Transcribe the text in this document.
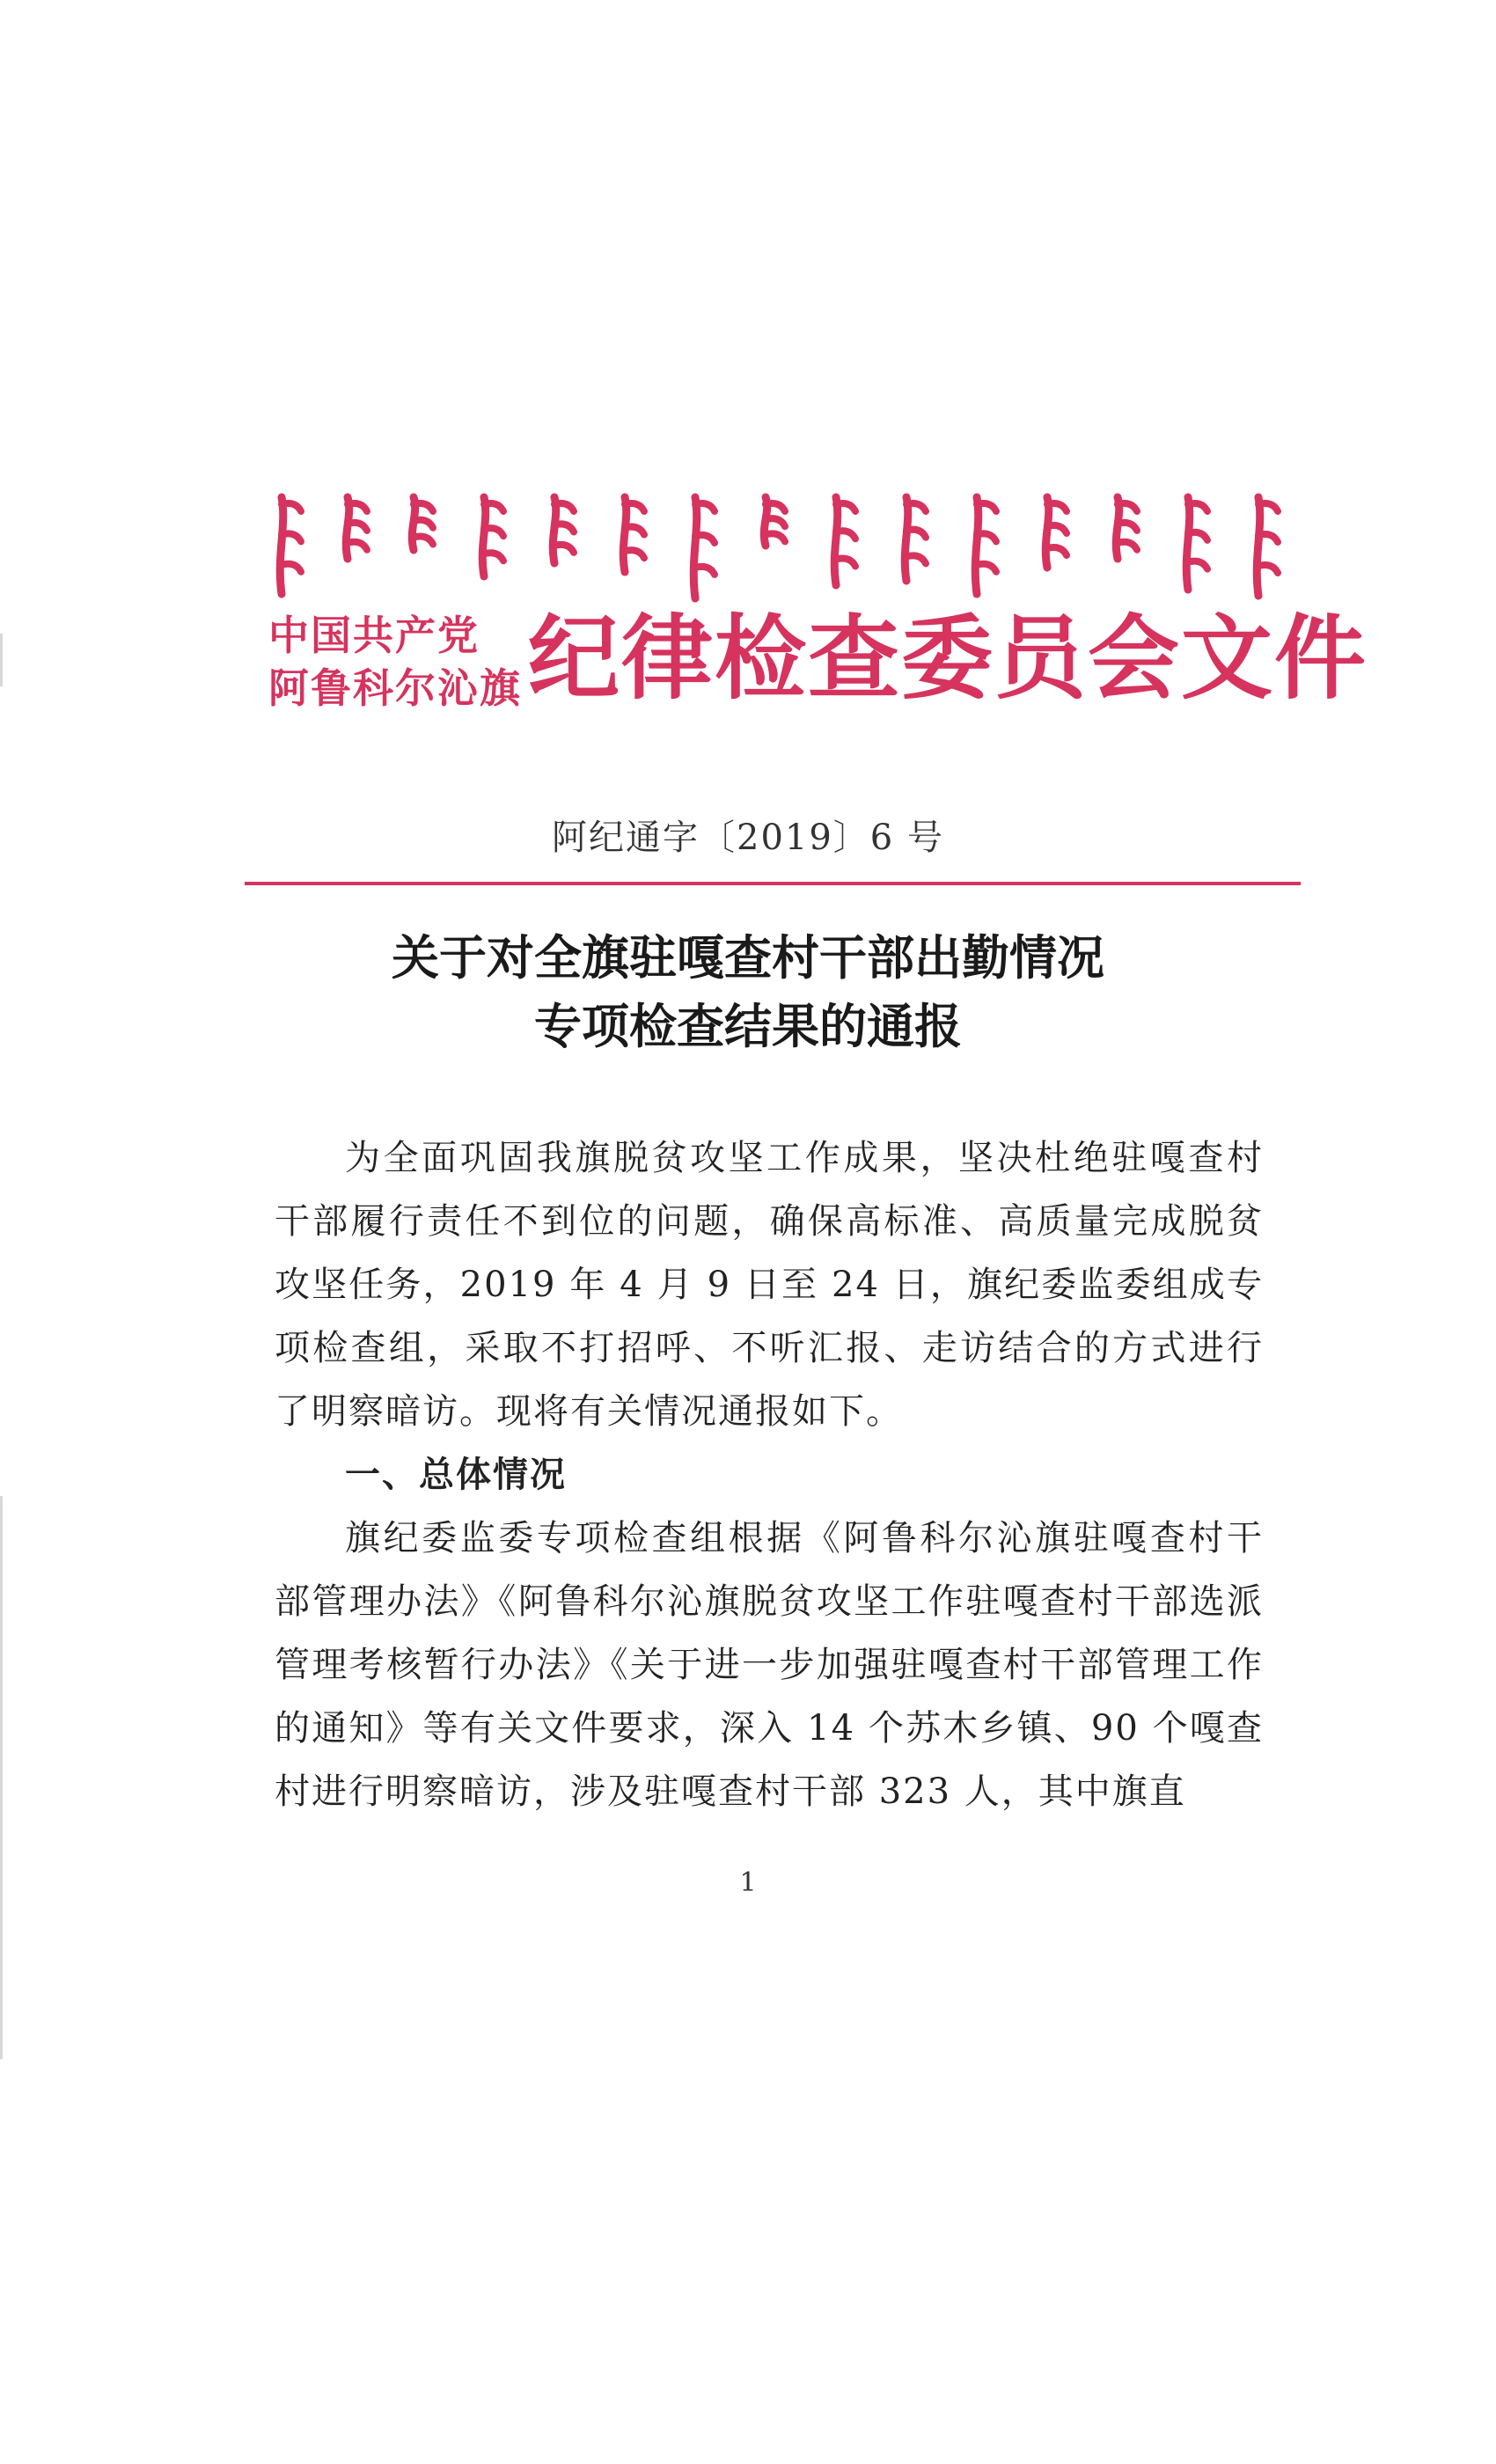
中国共产党
阿鲁科尔沁旗 纪律检查委员会文件
阿纪通字〔2019〕6 号
关于对全旗驻嘎查村干部出勤情况
专项检查结果的通报

为全面巩固我旗脱贫攻坚工作成果，坚决杜绝驻嘎查村干部履行责任不到位的问题，确保高标准、高质量完成脱贫攻坚任务，2019 年 4 月 9 日至 24 日，旗纪委监委组成专项检查组，采取不打招呼、不听汇报、走访结合的方式进行了明察暗访。现将有关情况通报如下。

一、总体情况

旗纪委监委专项检查组根据《阿鲁科尔沁旗驻嘎查村干部管理办法》《阿鲁科尔沁旗脱贫攻坚工作驻嘎查村干部选派管理考核暂行办法》《关于进一步加强驻嘎查村干部管理工作的通知》等有关文件要求，深入 14 个苏木乡镇、90 个嘎查村进行明察暗访，涉及驻嘎查村干部 323 人，其中旗直

1
